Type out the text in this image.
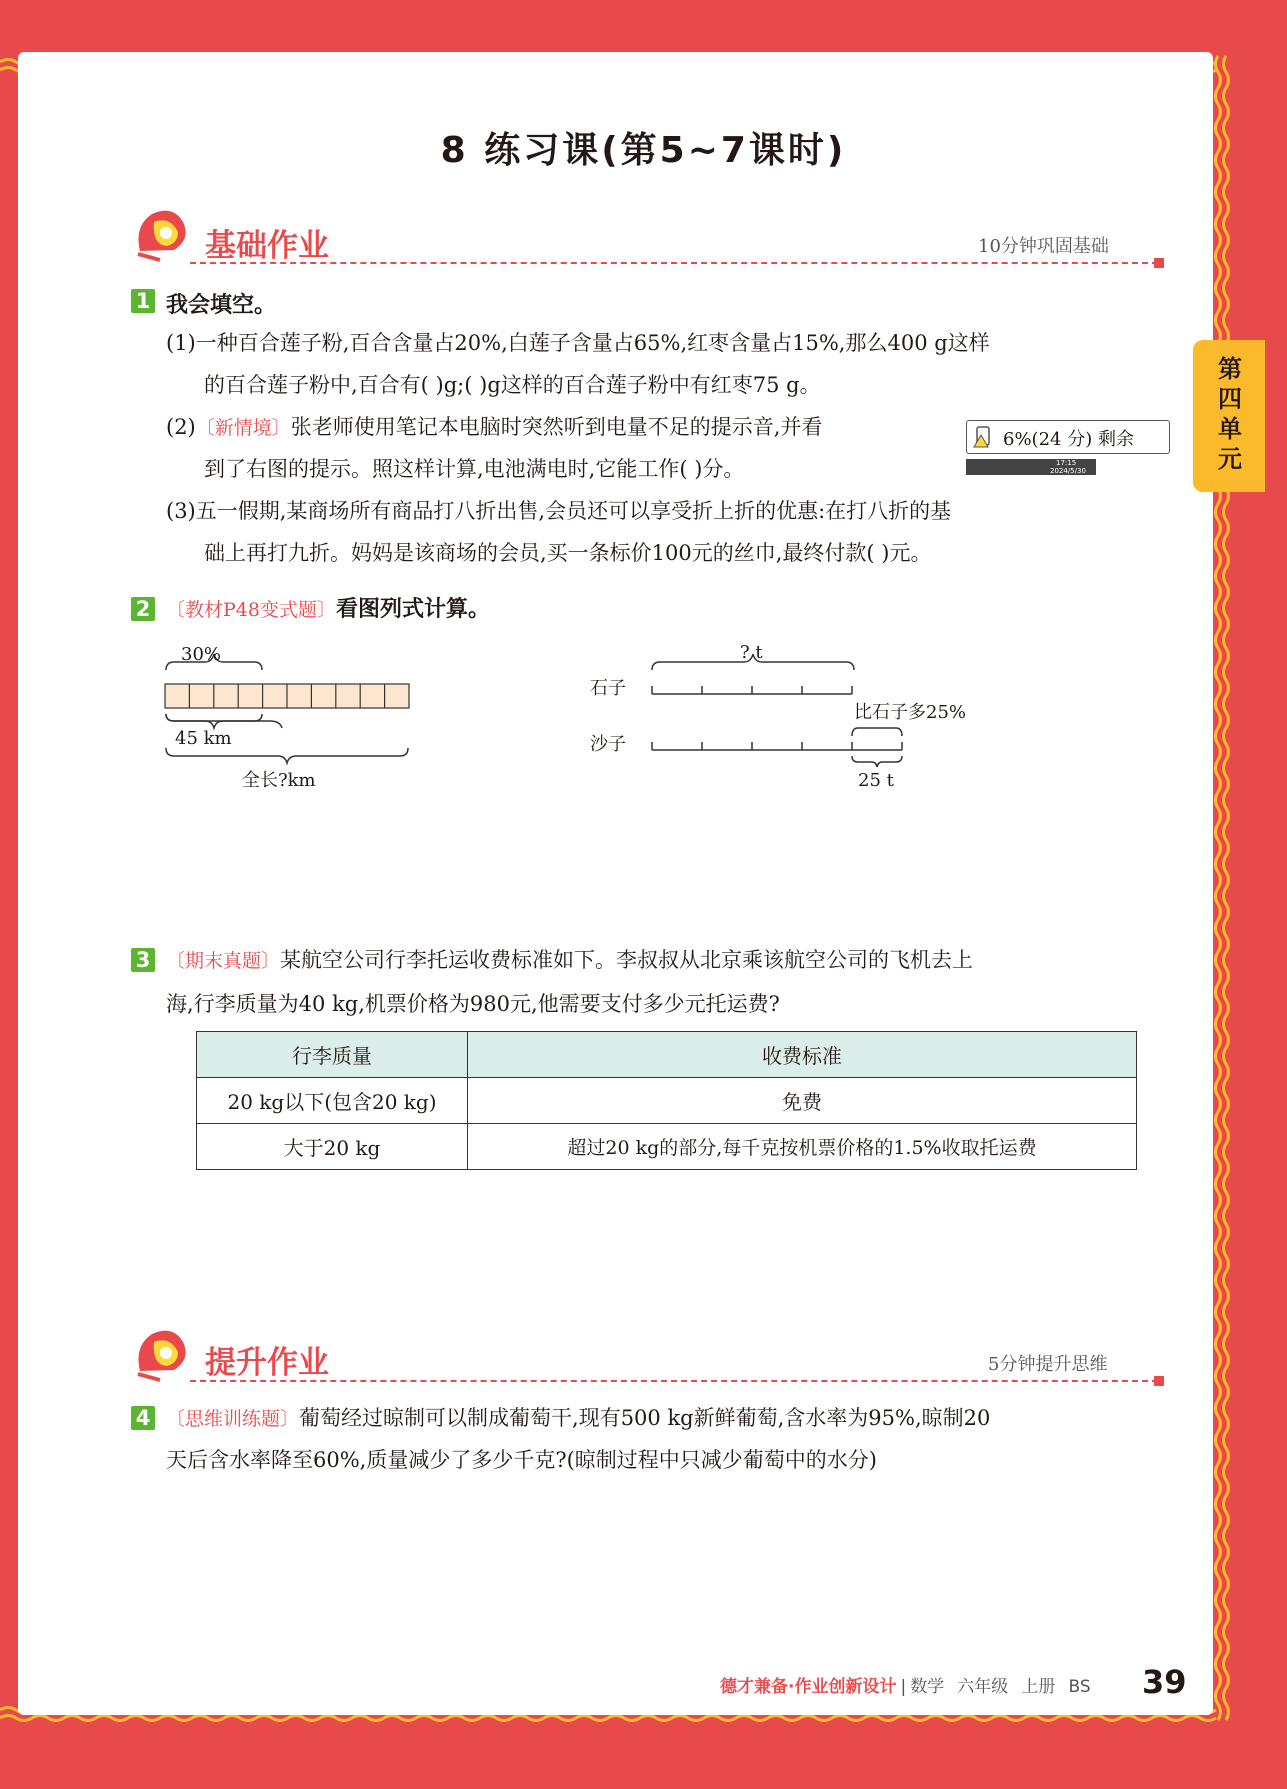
第四单元
8 练习课(第5~7课时)
基础作业	10分钟巩固基础
1 我会填空。
(1)一种百合莲子粉,百合含量占20%,白莲子含量占65%,红枣含量占15%,那么400 g这样
的百合莲子粉中,百合有( )g;( )g这样的百合莲子粉中有红枣75 g。
(2)〔新情境〕张老师使用笔记本电脑时突然听到电量不足的提示音,并看
到了右图的提示。照这样计算,电池满电时,它能工作( )分。
6%(24 分) 剩余
17:15
2024/5/30
(3)五一假期,某商场所有商品打八折出售,会员还可以享受折上折的优惠:在打八折的基
础上再打九折。妈妈是该商场的会员,买一条标价100元的丝巾,最终付款( )元。
2 〔教材P48变式题〕看图列式计算。
30%
45 km
全长?km
? t
石子
沙子
比石子多25%
25 t
3 〔期末真题〕某航空公司行李托运收费标准如下。李叔叔从北京乘该航空公司的飞机去上
海,行李质量为40 kg,机票价格为980元,他需要支付多少元托运费?
行李质量	收费标准
20 kg以下(包含20 kg)	免费
大于20 kg	超过20 kg的部分,每千克按机票价格的1.5%收取托运费
提升作业	5分钟提升思维
4 〔思维训练题〕葡萄经过晾制可以制成葡萄干,现有500 kg新鲜葡萄,含水率为95%,晾制20
天后含水率降至60%,质量减少了多少千克?(晾制过程中只减少葡萄中的水分)
德才兼备·作业创新设计 | 数学 六年级 上册 BS 39
